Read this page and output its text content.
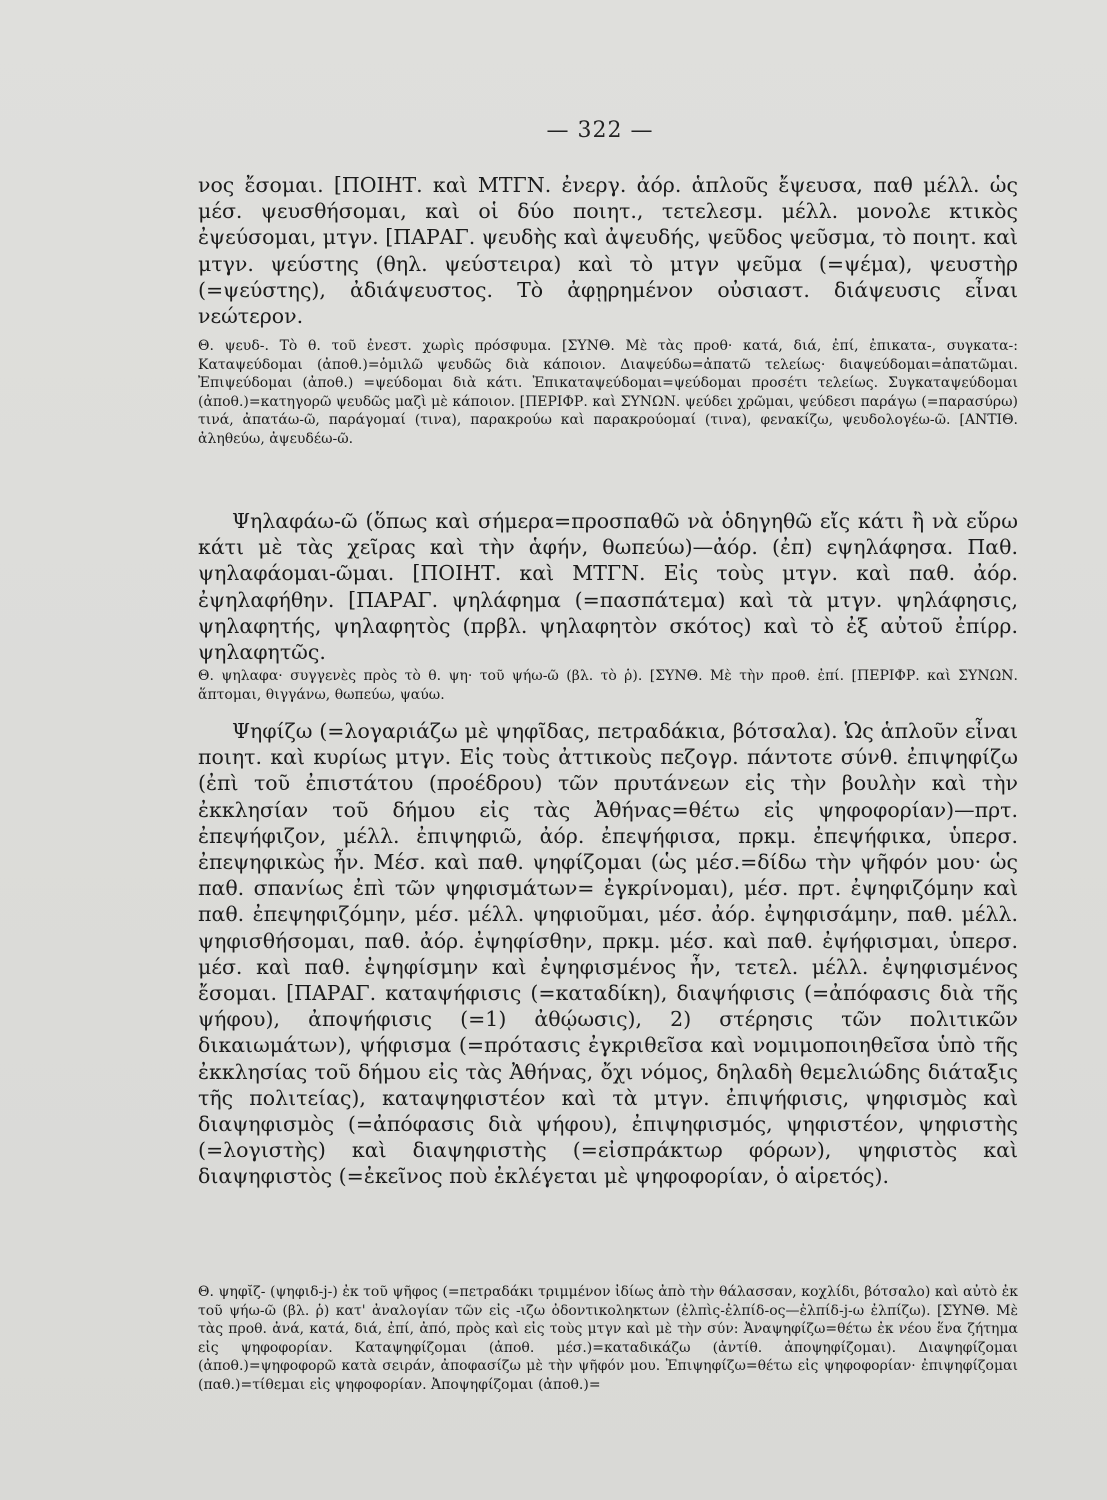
— 322 —

νος ἔσομαι. [ΠΟΙΗΤ. καὶ ΜΤΓΝ. ἐνεργ. ἀόρ. ἁπλοῦς ἔψευσα, παθ μέλλ. ὡς μέσ. ψευσθήσομαι, καὶ οἱ δύο ποιητ., τετελεσμ. μέλλ. μονολε κτικὸς ἐψεύσομαι, μτγν. [ΠΑΡΑΓ. ψευδὴς καὶ ἀψευδής, ψεῦδος ψεῦσμα, τὸ ποιητ. καὶ μτγν. ψεύστης (θηλ. ψεύστειρα) καὶ τὸ μτγν ψεῦμα (=ψέμα), ψευστὴρ (=ψεύστης), ἀδιάψευστος. Τὸ ἀφῃρημένον οὐσιαστ. διάψευσις εἶναι νεώτερον.

Θ. ψευδ-. Τὸ θ. τοῦ ἐνεστ. χωρὶς πρόσφυμα. [ΣΥΝΘ. Μὲ τὰς προθ· κατά, διά, ἐπί, ἐπικατα-, συγκατα-: Καταψεύδομαι (ἀποθ.)=ὁμιλῶ ψευδῶς διὰ κάποιον. Διαψεύδω=ἀπατῶ τελείως· διαψεύδομαι=ἀπατῶμαι. Ἐπιψεύδομαι (ἀποθ.) =ψεύδομαι διὰ κάτι. Ἐπικαταψεύδομαι=ψεύδομαι προσέτι τελείως. Συγκαταψεύδομαι (ἀποθ.)=κατηγορῶ ψευδῶς μαζὶ μὲ κάποιον. [ΠΕΡΙΦΡ. καὶ ΣΥΝΩΝ. ψεύδει χρῶμαι, ψεύδεσι παράγω (=παρασύρω) τινά, ἀπατάω-ῶ, παράγομαί (τινα), παρακρούω καὶ παρακρούομαί (τινα), φενακίζω, ψευδολογέω-ῶ. [ΑΝΤΙΘ. ἀληθεύω, ἀψευδέω-ῶ.

Ψηλαφάω-ῶ (ὅπως καὶ σήμερα=προσπαθῶ νὰ ὁδηγηθῶ εἴς κάτι ἢ νὰ εὕρω κάτι μὲ τὰς χεῖρας καὶ τὴν ἁφήν, θωπεύω)—ἀόρ. (ἐπ) εψηλάφησα. Παθ. ψηλαφάομαι-ῶμαι. [ΠΟΙΗΤ. καὶ ΜΤΓΝ. Εἰς τοὺς μτγν. καὶ παθ. ἀόρ. ἐψηλαφήθην. [ΠΑΡΑΓ. ψηλάφημα (=πασπάτεμα) καὶ τὰ μτγν. ψηλάφησις, ψηλαφητής, ψηλαφητὸς (πρβλ. ψηλαφητὸν σκότος) καὶ τὸ ἐξ αὐτοῦ ἐπίρρ. ψηλαφητῶς.

Θ. ψηλαφα· συγγενὲς πρὸς τὸ θ. ψη· τοῦ ψήω-ῶ (βλ. τὸ ῥ). [ΣΥΝΘ. Μὲ τὴν προθ. ἐπί. [ΠΕΡΙΦΡ. καὶ ΣΥΝΩΝ. ἅπτομαι, θιγγάνω, θωπεύω, ψαύω.

Ψηφίζω (=λογαριάζω μὲ ψηφῖδας, πετραδάκια, βότσαλα). Ὡς ἁπλοῦν εἶναι ποιητ. καὶ κυρίως μτγν. Εἰς τοὺς ἀττικοὺς πεζογρ. πάντοτε σύνθ. ἐπιψηφίζω (ἐπὶ τοῦ ἐπιστάτου (προέδρου) τῶν πρυτάνεων εἰς τὴν βουλὴν καὶ τὴν ἐκκλησίαν τοῦ δήμου εἰς τὰς Ἀθήνας=θέτω εἰς ψηφοφορίαν)—πρτ. ἐπεψήφιζον, μέλλ. ἐπιψηφιῶ, ἀόρ. ἐπεψήφισα, πρκμ. ἐπεψήφικα, ὑπερσ. ἐπεψηφικὼς ἦν. Μέσ. καὶ παθ. ψηφίζομαι (ὡς μέσ.=δίδω τὴν ψῆφόν μου· ὡς παθ. σπανίως ἐπὶ τῶν ψηφισμάτων= ἐγκρίνομαι), μέσ. πρτ. ἐψηφιζόμην καὶ παθ. ἐπεψηφιζόμην, μέσ. μέλλ. ψηφιοῦμαι, μέσ. ἀόρ. ἐψηφισάμην, παθ. μέλλ. ψηφισθήσομαι, παθ. ἀόρ. ἐψηφίσθην, πρκμ. μέσ. καὶ παθ. ἐψήφισμαι, ὑπερσ. μέσ. καὶ παθ. ἐψηφίσμην καὶ ἐψηφισμένος ἦν, τετελ. μέλλ. ἐψηφισμένος ἔσομαι. [ΠΑΡΑΓ. καταψήφισις (=καταδίκη), διαψήφισις (=ἀπόφασις διὰ τῆς ψήφου), ἀποψήφισις (=1) ἀθῴωσις), 2) στέρησις τῶν πολιτικῶν δικαιωμάτων), ψήφισμα (=πρότασις ἐγκριθεῖσα καὶ νομιμοποιηθεῖσα ὑπὸ τῆς ἐκκλησίας τοῦ δήμου εἰς τὰς Ἀθήνας, ὄχι νόμος, δηλαδὴ θεμελιώδης διάταξις τῆς πολιτείας), καταψηφιστέον καὶ τὰ μτγν. ἐπιψήφισις, ψηφισμὸς καὶ διαψηφισμὸς (=ἀπόφασις διὰ ψήφου), ἐπιψηφισμός, ψηφιστέον, ψηφιστὴς (=λογιστὴς) καὶ διαψηφιστὴς (=εἰσπράκτωρ φόρων), ψηφιστὸς καὶ διαψηφιστὸς (=ἐκεῖνος ποὺ ἐκλέγεται μὲ ψηφοφορίαν, ὁ αἱρετός).

Θ. ψηφῐζ- (ψηφιδ-j-) ἐκ τοῦ ψῆφος (=πετραδάκι τριμμένον ἰδίως ἀπὸ τὴν θάλασσαν, κοχλίδι, βότσαλο) καὶ αὐτὸ ἐκ τοῦ ψήω-ῶ (βλ. ῥ) κατ' ἀναλογίαν τῶν εἰς -ιζω ὀδοντικοληκτων (ἐλπὶς-ἐλπίδ-ος—ἐλπίδ-j-ω ἐλπίζω). [ΣΥΝΘ. Μὲ τὰς προθ. ἀνά, κατά, διά, ἐπί, ἀπό, πρὸς καὶ εἰς τοὺς μτγν καὶ μὲ τὴν σύν: Ἀναψηφίζω=θέτω ἐκ νέου ἕνα ζήτημα εἰς ψηφοφορίαν. Καταψηφίζομαι (ἀποθ. μέσ.)=καταδικάζω (ἀντίθ. ἀποψηφίζομαι). Διαψηφίζομαι (ἀποθ.)=ψηφοφορῶ κατὰ σειράν, ἀποφασίζω μὲ τὴν ψῆφόν μου. Ἐπιψηφίζω=θέτω εἰς ψηφοφορίαν· ἐπιψηφίζομαι (παθ.)=τίθεμαι εἰς ψηφοφορίαν. Ἀποψηφίζομαι (ἀποθ.)=
